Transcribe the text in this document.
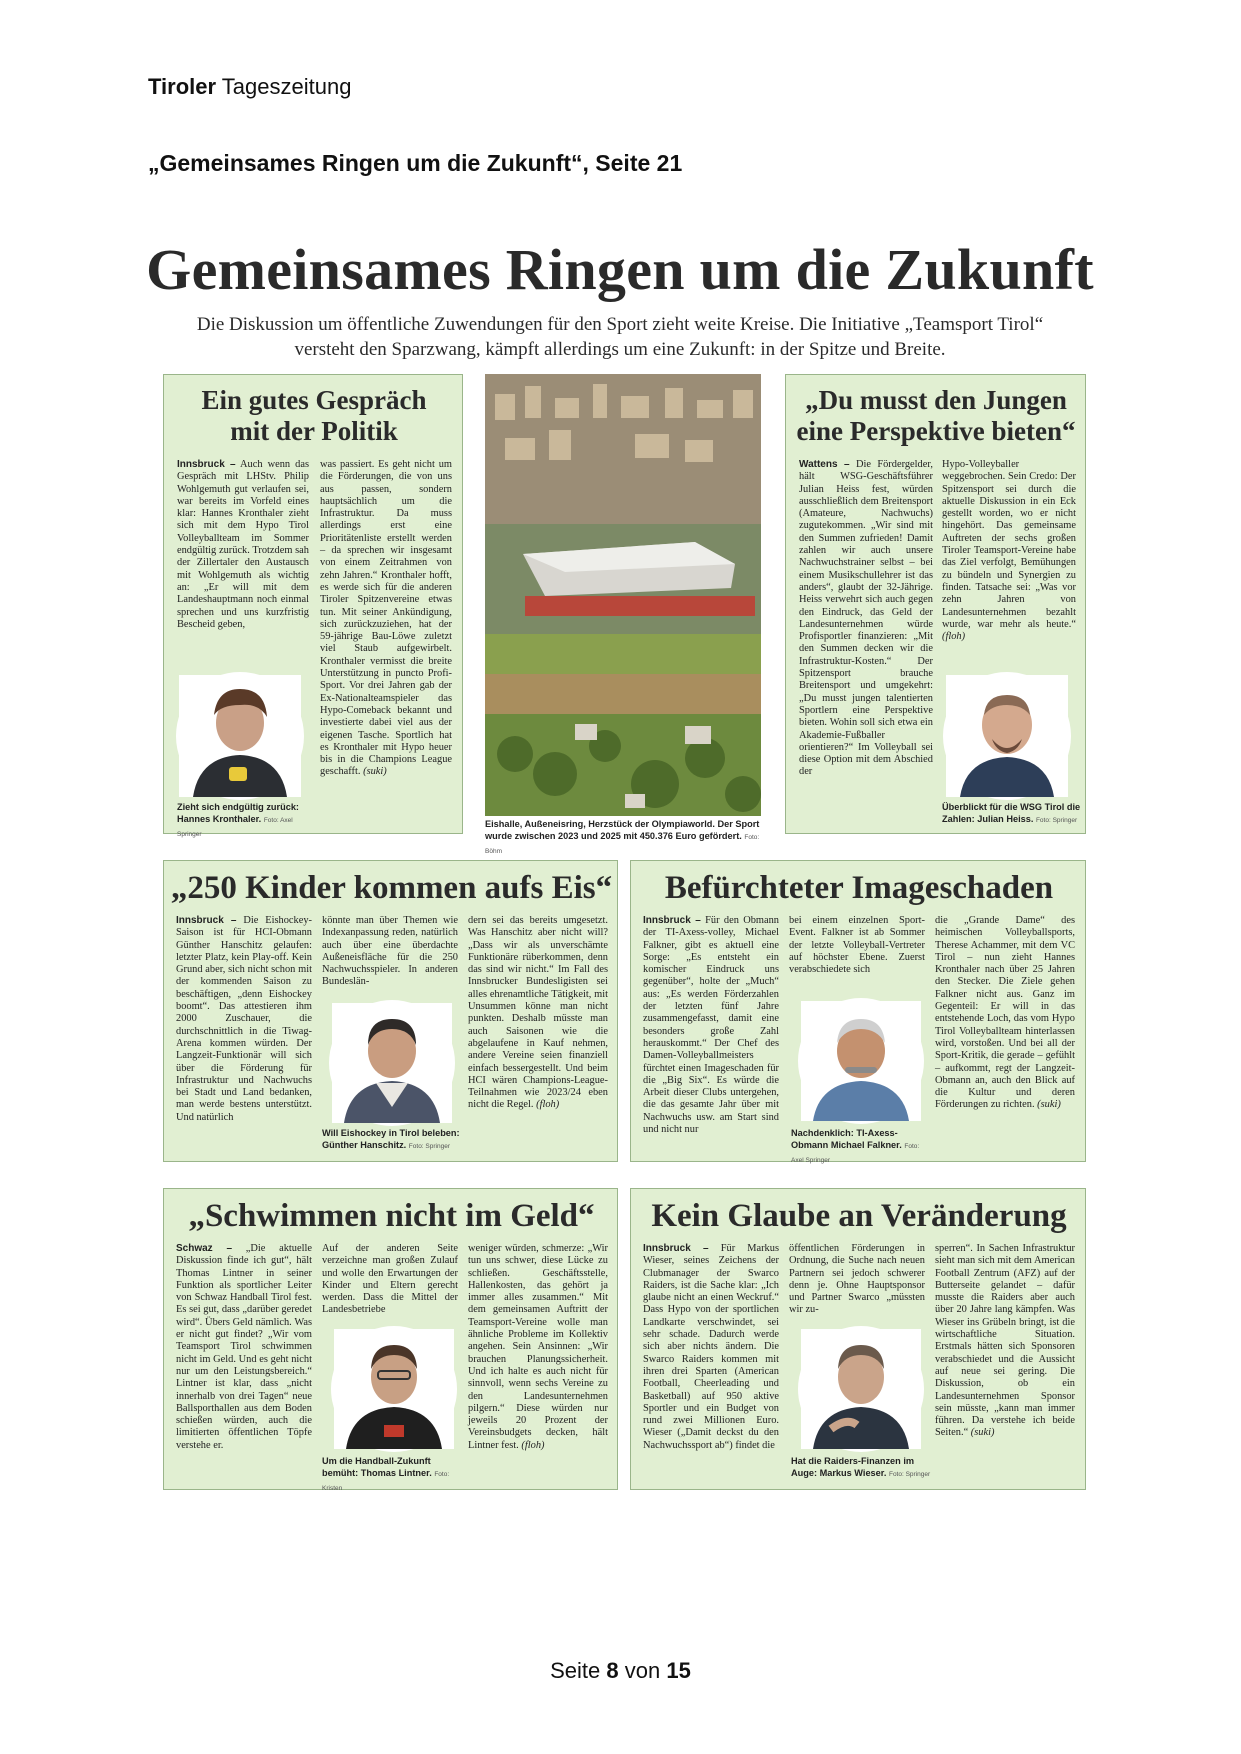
Tiroler Tageszeitung
„Gemeinsames Ringen um die Zukunft“, Seite 21
Gemeinsames Ringen um die Zukunft
Die Diskussion um öffentliche Zuwendungen für den Sport zieht weite Kreise. Die Initiative „Teamsport Tirol“ versteht den Sparzwang, kämpft allerdings um eine Zukunft: in der Spitze und Breite.
Ein gutes Gespräch mit der Politik
Innsbruck – Auch wenn das Gespräch mit LHStv. Philip Wohlgemuth gut verlaufen sei, war bereits im Vorfeld eines klar: Hannes Kronthaler zieht sich mit dem Hypo Tirol Volleyballteam im Sommer endgültig zurück. Trotzdem sah der Zillertaler den Austausch mit Wohlgemuth als wichtig an: „Er will mit dem Landeshauptmann noch einmal sprechen und uns kurzfristig Bescheid geben,
was passiert. Es geht nicht um die Förderungen, die von uns aus passen, sondern hauptsächlich um die Infrastruktur. Da muss allerdings erst eine Prioritätenliste erstellt werden – da sprechen wir insgesamt von einem Zeitrahmen von zehn Jahren.“ Kronthaler hofft, es werde sich für die anderen Tiroler Spitzenvereine etwas tun. Mit seiner Ankündigung, sich zurückzuziehen, hat der 59-jährige Bau-Löwe zuletzt viel Staub aufgewirbelt. Kronthaler vermisst die breite Unterstützung in puncto Profi-Sport. Vor drei Jahren gab der Ex-Nationalteamspieler das Hypo-Comeback bekannt und investierte dabei viel aus der eigenen Tasche. Sportlich hat es Kronthaler mit Hypo heuer bis in die Champions League geschafft. (suki)
Zieht sich endgültig zurück: Hannes Kronthaler. Foto: Axel Springer
Eishalle, Außeneisring, Herzstück der Olympiaworld. Der Sport wurde zwischen 2023 und 2025 mit 450.376 Euro gefördert. Foto: Böhm
„Du musst den Jungen eine Perspektive bieten“
Wattens – Die Fördergelder, hält WSG-Geschäftsführer Julian Heiss fest, würden ausschließlich dem Breitensport (Amateure, Nachwuchs) zugutekommen. „Wir sind mit den Summen zufrieden! Damit zahlen wir auch unsere Nachwuchstrainer selbst – bei einem Musikschullehrer ist das anders“, glaubt der 32-Jährige. Heiss verwehrt sich auch gegen den Eindruck, das Geld der Landesunternehmen würde Profisportler finanzieren: „Mit den Summen decken wir die Infrastruktur-Kosten.“ Der Spitzensport brauche Breitensport und umgekehrt: „Du musst jungen talentierten Sportlern eine Perspektive bieten. Wohin soll sich etwa ein Akademie-Fußballer orientieren?“ Im Volleyball sei diese Option mit dem Abschied der
Hypo-Volleyballer weggebrochen. Sein Credo: Der Spitzensport sei durch die aktuelle Diskussion in ein Eck gestellt worden, wo er nicht hingehört. Das gemeinsame Auftreten der sechs großen Tiroler Teamsport-Vereine habe das Ziel verfolgt, Bemühungen zu bündeln und Synergien zu finden. Tatsache sei: „Was vor zehn Jahren von Landesunternehmen bezahlt wurde, war mehr als heute.“ (floh)
Überblickt für die WSG Tirol die Zahlen: Julian Heiss. Foto: Springer
„250 Kinder kommen aufs Eis“
Innsbruck – Die Eishockey-Saison ist für HCI-Obmann Günther Hanschitz gelaufen: letzter Platz, kein Play-off. Kein Grund aber, sich nicht schon mit der kommenden Saison zu beschäftigen, „denn Eishockey boomt“. Das attestieren ihm 2000 Zuschauer, die durchschnittlich in die Tiwag-Arena kommen würden. Der Langzeit-Funktionär will sich über die Förderung für Infrastruktur und Nachwuchs bei Stadt und Land bedanken, man werde bestens unterstützt. Und natürlich
könnte man über Themen wie Indexanpassung reden, natürlich auch über eine überdachte Außeneisfläche für die 250 Nachwuchsspieler. In anderen Bundeslän-
dern sei das bereits umgesetzt. Was Hanschitz aber nicht will? „Dass wir als unverschämte Funktionäre rüberkommen, denn das sind wir nicht.“ Im Fall des Innsbrucker Bundesligisten sei alles ehrenamtliche Tätigkeit, mit Unsummen könne man nicht punkten. Deshalb müsste man auch Saisonen wie die abgelaufene in Kauf nehmen, andere Vereine seien finanziell einfach bessergestellt. Und beim HCI wären Champions-League-Teilnahmen wie 2023/24 eben nicht die Regel. (floh)
Will Eishockey in Tirol beleben: Günther Hanschitz. Foto: Springer
Befürchteter Imageschaden
Innsbruck – Für den Obmann der TI-Axess-volley, Michael Falkner, gibt es aktuell eine Sorge: „Es entsteht ein komischer Eindruck uns gegenüber“, holte der „Much“ aus: „Es werden Förderzahlen der letzten fünf Jahre zusammengefasst, damit eine besonders große Zahl herauskommt.“ Der Chef des Damen-Volleyballmeisters fürchtet einen Imageschaden für die „Big Six“. Es würde die Arbeit dieser Clubs untergehen, die das gesamte Jahr über mit Nachwuchs usw. am Start sind und nicht nur
bei einem einzelnen Sport-Event. Falkner ist ab Sommer der letzte Volleyball-Vertreter auf höchster Ebene. Zuerst verabschiedete sich
die „Grande Dame“ des heimischen Volleyballsports, Therese Achammer, mit dem VC Tirol – nun zieht Hannes Kronthaler nach über 25 Jahren den Stecker. Die Ziele gehen Falkner nicht aus. Ganz im Gegenteil: Er will in das entstehende Loch, das vom Hypo Tirol Volleyballteam hinterlassen wird, vorstoßen. Und bei all der Sport-Kritik, die gerade – gefühlt – aufkommt, regt der Langzeit-Obmann an, auch den Blick auf die Kultur und deren Förderungen zu richten. (suki)
Nachdenklich: TI-Axess-Obmann Michael Falkner. Foto: Axel Springer
„Schwimmen nicht im Geld“
Schwaz – „Die aktuelle Diskussion finde ich gut“, hält Thomas Lintner in seiner Funktion als sportlicher Leiter von Schwaz Handball Tirol fest. Es sei gut, dass „darüber geredet wird“. Übers Geld nämlich. Was er nicht gut findet? „Wir vom Teamsport Tirol schwimmen nicht im Geld. Und es geht nicht nur um den Leistungsbereich.“ Lintner ist klar, dass „nicht innerhalb von drei Tagen“ neue Ballsporthallen aus dem Boden schießen würden, auch die limitierten öffentlichen Töpfe verstehe er.
Auf der anderen Seite verzeichne man großen Zulauf und wolle den Erwartungen der Kinder und Eltern gerecht werden. Dass die Mittel der Landesbetriebe
weniger würden, schmerze: „Wir tun uns schwer, diese Lücke zu schließen. Geschäftsstelle, Hallenkosten, das gehört ja immer alles zusammen.“ Mit dem gemeinsamen Auftritt der Teamsport-Vereine wolle man ähnliche Probleme im Kollektiv angehen. Sein Ansinnen: „Wir brauchen Planungssicherheit. Und ich halte es auch nicht für sinnvoll, wenn sechs Vereine zu den Landesunternehmen pilgern.“ Diese würden nur jeweils 20 Prozent der Vereinsbudgets decken, hält Lintner fest. (floh)
Um die Handball-Zukunft bemüht: Thomas Lintner. Foto: Kristen
Kein Glaube an Veränderung
Innsbruck – Für Markus Wieser, seines Zeichens der Clubmanager der Swarco Raiders, ist die Sache klar: „Ich glaube nicht an einen Weckruf.“ Dass Hypo von der sportlichen Landkarte verschwindet, sei sehr schade. Dadurch werde sich aber nichts ändern. Die Swarco Raiders kommen mit ihren drei Sparten (American Football, Cheerleading und Basketball) auf 950 aktive Sportler und ein Budget von rund zwei Millionen Euro. Wieser („Damit deckst du den Nachwuchssport ab“) findet die
öffentlichen Förderungen in Ordnung, die Suche nach neuen Partnern sei jedoch schwerer denn je. Ohne Hauptsponsor und Partner Swarco „müssten wir zu-
sperren“. In Sachen Infrastruktur sieht man sich mit dem American Football Zentrum (AFZ) auf der Butterseite gelandet – dafür musste die Raiders aber auch über 20 Jahre lang kämpfen. Was Wieser ins Grübeln bringt, ist die wirtschaftliche Situation. Erstmals hätten sich Sponsoren verabschiedet und die Aussicht auf neue sei gering. Die Diskussion, ob ein Landesunternehmen Sponsor sein müsste, „kann man immer führen. Da verstehe ich beide Seiten.“ (suki)
Hat die Raiders-Finanzen im Auge: Markus Wieser. Foto: Springer
Seite 8 von 15
